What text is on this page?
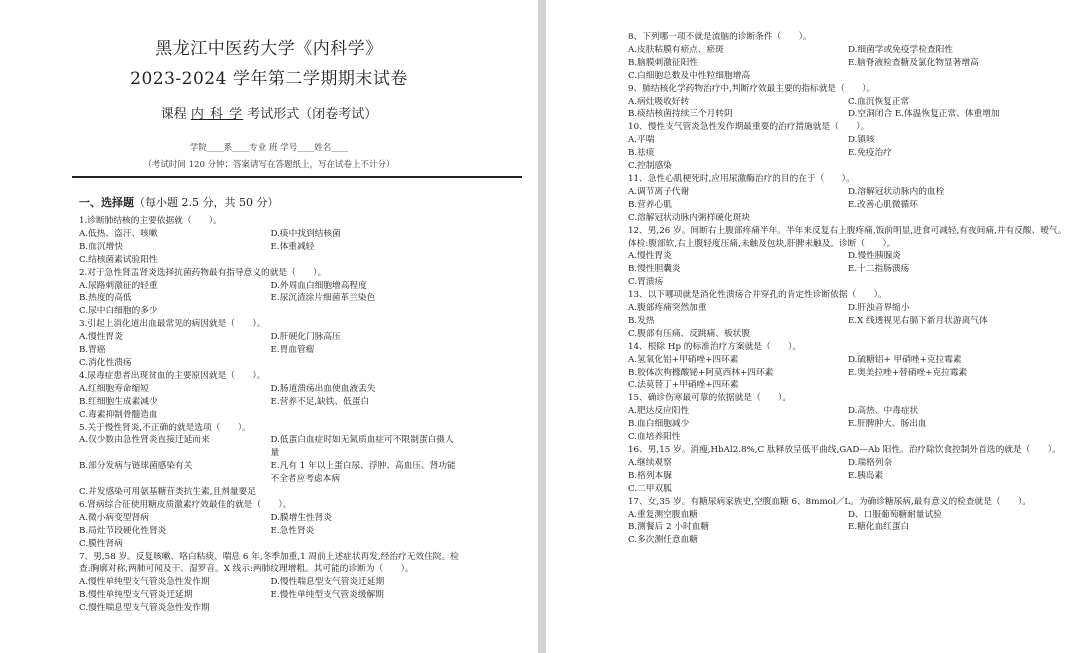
黑龙江中医药大学《内科学》
2023-2024 学年第二学期期末试卷
课程 内 科 学 考试形式（闭卷考试）
学院____系____专业 班 学号____姓名____
（考试时间 120 分钟；答案请写在答题纸上，写在试卷上不计分）
一、选择题（每小题 2.5 分，共 50 分）
1.诊断肺结核的主要依据就（　　）。
A.低热、盗汗、咳嗽	D.痰中找到结核菌
B.血沉增快	E.体重减轻
C.结核菌素试验阳性
2.对于急性肾盂肾炎选择抗菌药物最有指导意义的就是（　　）。
A.尿路刺激征的轻重	D.外周血白细胞增高程度
B.热度的高低	E.尿沉渣涂片细菌革兰染色
C.尿中白细胞的多少
3.引起上消化道出血最常见的病因就是（　　）。
A.慢性胃炎	D.肝硬化门脉高压
B.胃癌	E.胃血管瘤
C.消化性溃疡
4.尿毒症患者出现贫血的主要原因就是（　　）。
A.红细胞寿命缩短	D.肠道溃疡出血使血液丢失
B.红细胞生成素减少	E.营养不足,缺铁、低蛋白
C.毒素抑制骨髓造血
5.关于慢性肾炎,不正确的就是选项（　　）。
A.仅少数由急性肾炎直接迁延而来	D.低蛋白血症时如无氮质血症可不限制蛋白摄人量
B.部分发病与链球菌感染有关	E.凡有 1 年以上蛋白尿、浮肿、高血压、肾功能不全者应考虑本病
C.并发感染可用氨基糖苷类抗生素,且剂量要足
6.肾病综合征使用糖皮质激素疗效最佳的就是（　　）。
A.微小病变型肾病	D.膜增生性肾炎
B.局灶节段硬化性肾炎	E.急性肾炎
C.膜性肾病
7、男,58 岁。反复咳嗽、咯白粘痰、喘息 6 年,冬季加重,1 周前上述症状再发,经治疗无效住院。检查:胸廓对称,两肺可闻及干、湿罗音。X 线示:两肺纹理增粗。其可能的诊断为（　　）。
A.慢性单纯型支气管炎急性发作期	D.慢性喘息型支气管炎迁延期
B.慢性单纯型支气管炎迁延期	E.慢性单纯型支气管炎缓解期
C.慢性喘息型支气管炎急性发作期
8、下列哪一项不就是流脑的诊断条件（　　）。
A.皮肤粘膜有瘀点、瘀斑	D.细菌学或免疫学检查阳性
B.脑膜刺激征阳性	E.脑脊液检查糖及氯化物显著增高
C.白细胞总数及中性粒细胞增高
9、肺结核化学药物治疗中,判断疗效最主要的指标就是（　　）。
A.病灶吸收好转	C.血沉恢复正常
B.痰结核菌持续三个月转阴	D.空洞闭合 E.体温恢复正常、体重增加
10、慢性支气管炎急性发作期最重要的治疗措施就是（　　）。
A.平喘	D.镇咳
B.祛痰	E.免疫治疗
C.控制感染
11、急性心肌梗死时,应用尿激酶治疗的目的在于（　　）。
A.调节离子代谢	D.溶解冠状动脉内的血栓
B.营养心肌	E.改善心肌微循环
C.溶解冠状动脉内粥样硬化斑块
12、男,26 岁。间断右上腹部疼痛半年。半年来反复右上腹疼痛,饭前明显,进食可减轻,有夜间痛,并有反酸、嗳气。体检:腹部软,右上腹轻度压痛,未触及包块,肝脾未触及。诊断（　　）。
A.慢性胃炎	D.慢性胰腺炎
B.慢性胆囊炎	E.十二指肠溃疡
C.胃溃疡
13、以下哪项就是消化性溃疡合并穿孔的肯定性诊断依据（　　）。
A.腹部疼痛突然加重	D.肝浊音界缩小
B.发热	E.X 线透视见右膈下新月状游离气体
C.腹部有压痛、反跳痛、板状腹
14、根除 Hp 的标准治疗方案就是（　　）。
A.氢氧化铝+甲硝唑+四环素	D.硫糖铝+ 甲硝唑+克拉霉素
B.胶体次枸橼酸铋+阿莫西林+四环素	E.奥美拉唑+替硝唑+克拉霉素
C.法莫替丁+甲硝唑+四环素
15、确诊伤寒最可靠的依据就是（　　）。
A.肥达反应阳性	D.高热、中毒症状
B.血白细胞减少	E.肝脾肿大、肠出血
C.血培养阳性
16、男,15 岁。消瘦,HbAl2.8%,C 肽释放呈低平曲线,GAD—Ab 阳性。治疗除饮食控制外首选的就是（　　）。
A.继续观察	D.瑞格列奈
B.格列本脲	E.胰岛素
C.二甲双胍
17、女,35 岁。有糖尿病家族史,空腹血糖 6、8mmol／L。为确诊糖尿病,最有意义的检查就是（　　）。
A.重复测空腹血糖	D、口服葡萄糖耐量试验
B.测餐后 2 小时血糖	E.糖化血红蛋白
C.多次测任意血糖
